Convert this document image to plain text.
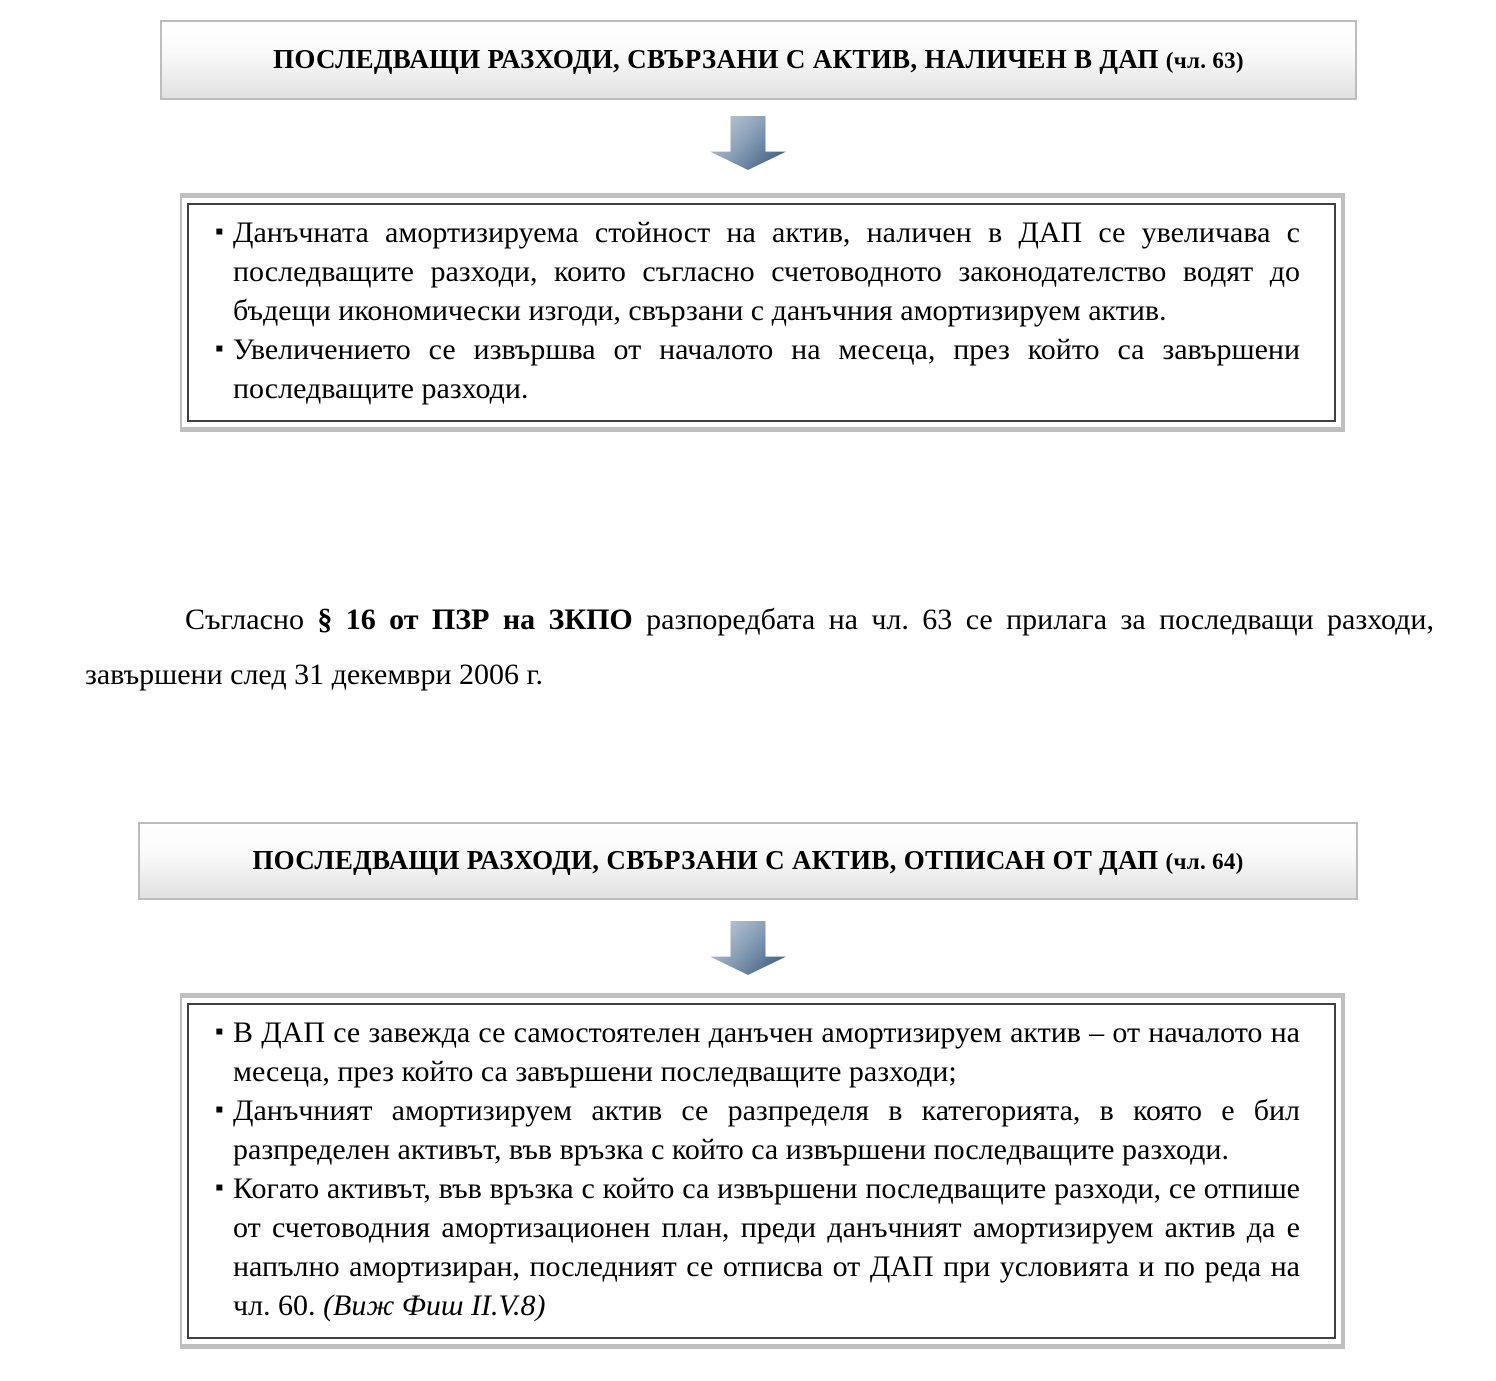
ПОСЛЕДВАЩИ РАЗХОДИ, СВЪРЗАНИ С АКТИВ, НАЛИЧЕН В ДАП (чл. 63)
▪ Данъчната амортизируема стойност на актив, наличен в ДАП се увеличава с последващите разходи, които съгласно счетоводното законодателство водят до бъдещи икономически изгоди, свързани с данъчния амортизируем актив.
▪ Увеличението се извършва от началото на месеца, през който са завършени последващите разходи.

Съгласно § 16 от ПЗР на ЗКПО разпоредбата на чл. 63 се прилага за последващи разходи, завършени след 31 декември 2006 г.

ПОСЛЕДВАЩИ РАЗХОДИ, СВЪРЗАНИ С АКТИВ, ОТПИСАН ОТ ДАП (чл. 64)
▪ В ДАП се завежда се самостоятелен данъчен амортизируем актив – от началото на месеца, през който са завършени последващите разходи;
▪ Данъчният амортизируем актив се разпределя в категорията, в която е бил разпределен активът, във връзка с който са извършени последващите разходи.
▪ Когато активът, във връзка с който са извършени последващите разходи, се отпише от счетоводния амортизационен план, преди данъчният амортизируем актив да е напълно амортизиран, последният се отписва от ДАП при условията и по реда на чл. 60. (Виж Фиш II.V.8)
